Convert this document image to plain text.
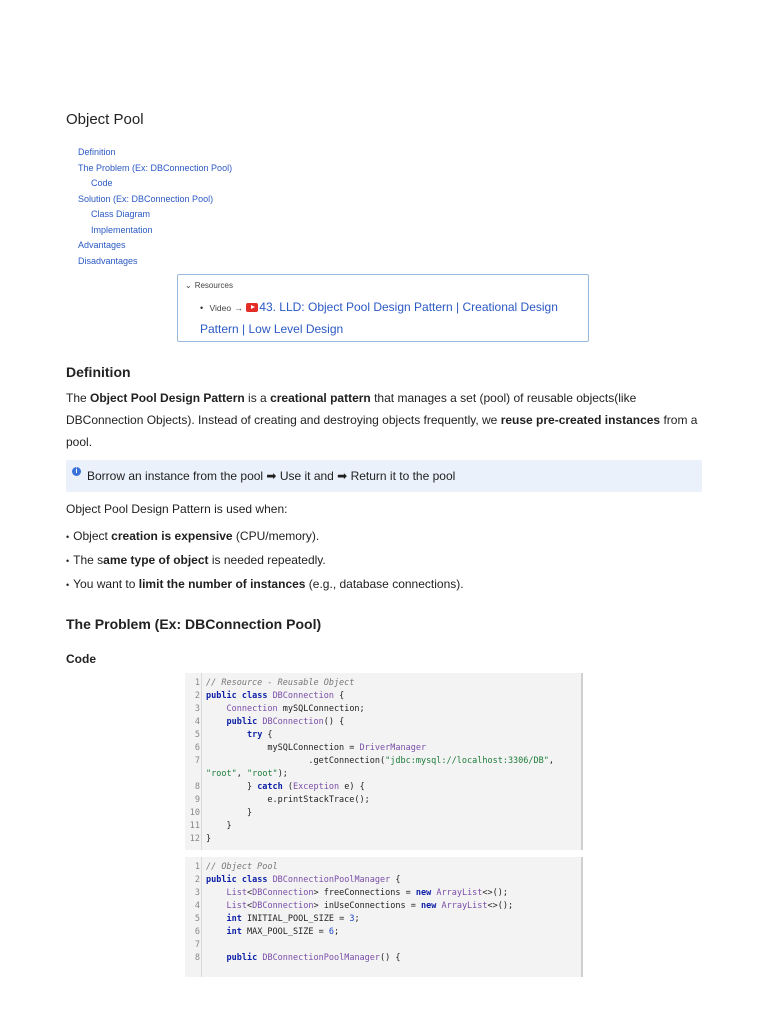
Object Pool
Definition
The Problem (Ex: DBConnection Pool)
Code
Solution (Ex: DBConnection Pool)
Class Diagram
Implementation
Advantages
Disadvantages
⌄ Resources
• Video → 43. LLD: Object Pool Design Pattern | Creational Design Pattern | Low Level Design
Definition
The Object Pool Design Pattern is a creational pattern that manages a set (pool) of reusable objects(like DBConnection Objects). Instead of creating and destroying objects frequently, we reuse pre-created instances from a pool.
i Borrow an instance from the pool ➡ Use it and ➡ Return it to the pool
Object Pool Design Pattern is used when:
• Object creation is expensive (CPU/memory).
• The same type of object is needed repeatedly.
• You want to limit the number of instances (e.g., database connections).
The Problem (Ex: DBConnection Pool)
Code
1 // Resource - Reusable Object
2 public class DBConnection {
3	Connection mySQLConnection;
4	public DBConnection() {
5	try {
6 mySQLConnection = DriverManager
7 .getConnection("jdbc:mysql://localhost:3306/DB",
"root", "root");
8 } catch (Exception e) {
9 e.printStackTrace();
10 }
11 }
12 }
1 // Object Pool
2 public class DBConnectionPoolManager {
3	List<DBConnection> freeConnections = new ArrayList<>();
4	List<DBConnection> inUseConnections = new ArrayList<>();
5	int INITIAL_POOL_SIZE = 3;
6	int MAX_POOL_SIZE = 6;
7
8	public DBConnectionPoolManager() {
